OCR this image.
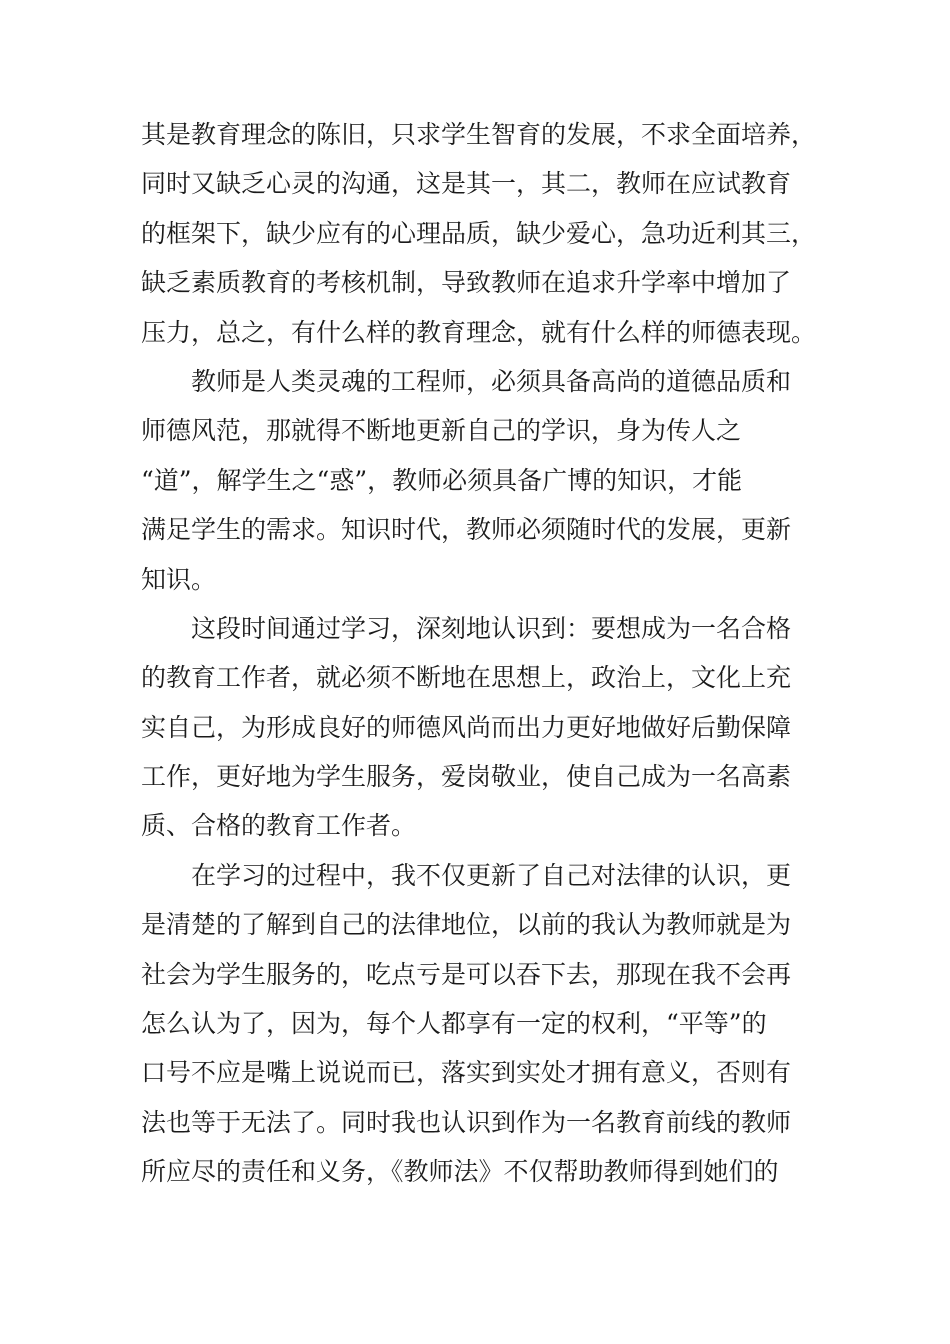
其是教育理念的陈旧，只求学生智育的发展，不求全面培养，
同时又缺乏心灵的沟通，这是其一，其二，教师在应试教育
的框架下，缺少应有的心理品质，缺少爱心，急功近利其三，
缺乏素质教育的考核机制，导致教师在追求升学率中增加了
压力，总之，有什么样的教育理念，就有什么样的师德表现。
教师是人类灵魂的工程师，必须具备高尚的道德品质和
师德风范，那就得不断地更新自己的学识，身为传人之
“道”，解学生之“惑”，教师必须具备广博的知识，才能
满足学生的需求。知识时代，教师必须随时代的发展，更新
知识。
这段时间通过学习，深刻地认识到：要想成为一名合格
的教育工作者，就必须不断地在思想上，政治上，文化上充
实自己，为形成良好的师德风尚而出力更好地做好后勤保障
工作，更好地为学生服务，爱岗敬业，使自己成为一名高素
质、合格的教育工作者。
在学习的过程中，我不仅更新了自己对法律的认识，更
是清楚的了解到自己的法律地位，以前的我认为教师就是为
社会为学生服务的，吃点亏是可以吞下去，那现在我不会再
怎么认为了，因为，每个人都享有一定的权利，“平等”的
口号不应是嘴上说说而已，落实到实处才拥有意义，否则有
法也等于无法了。同时我也认识到作为一名教育前线的教师
所应尽的责任和义务，《教师法》不仅帮助教师得到她们的
